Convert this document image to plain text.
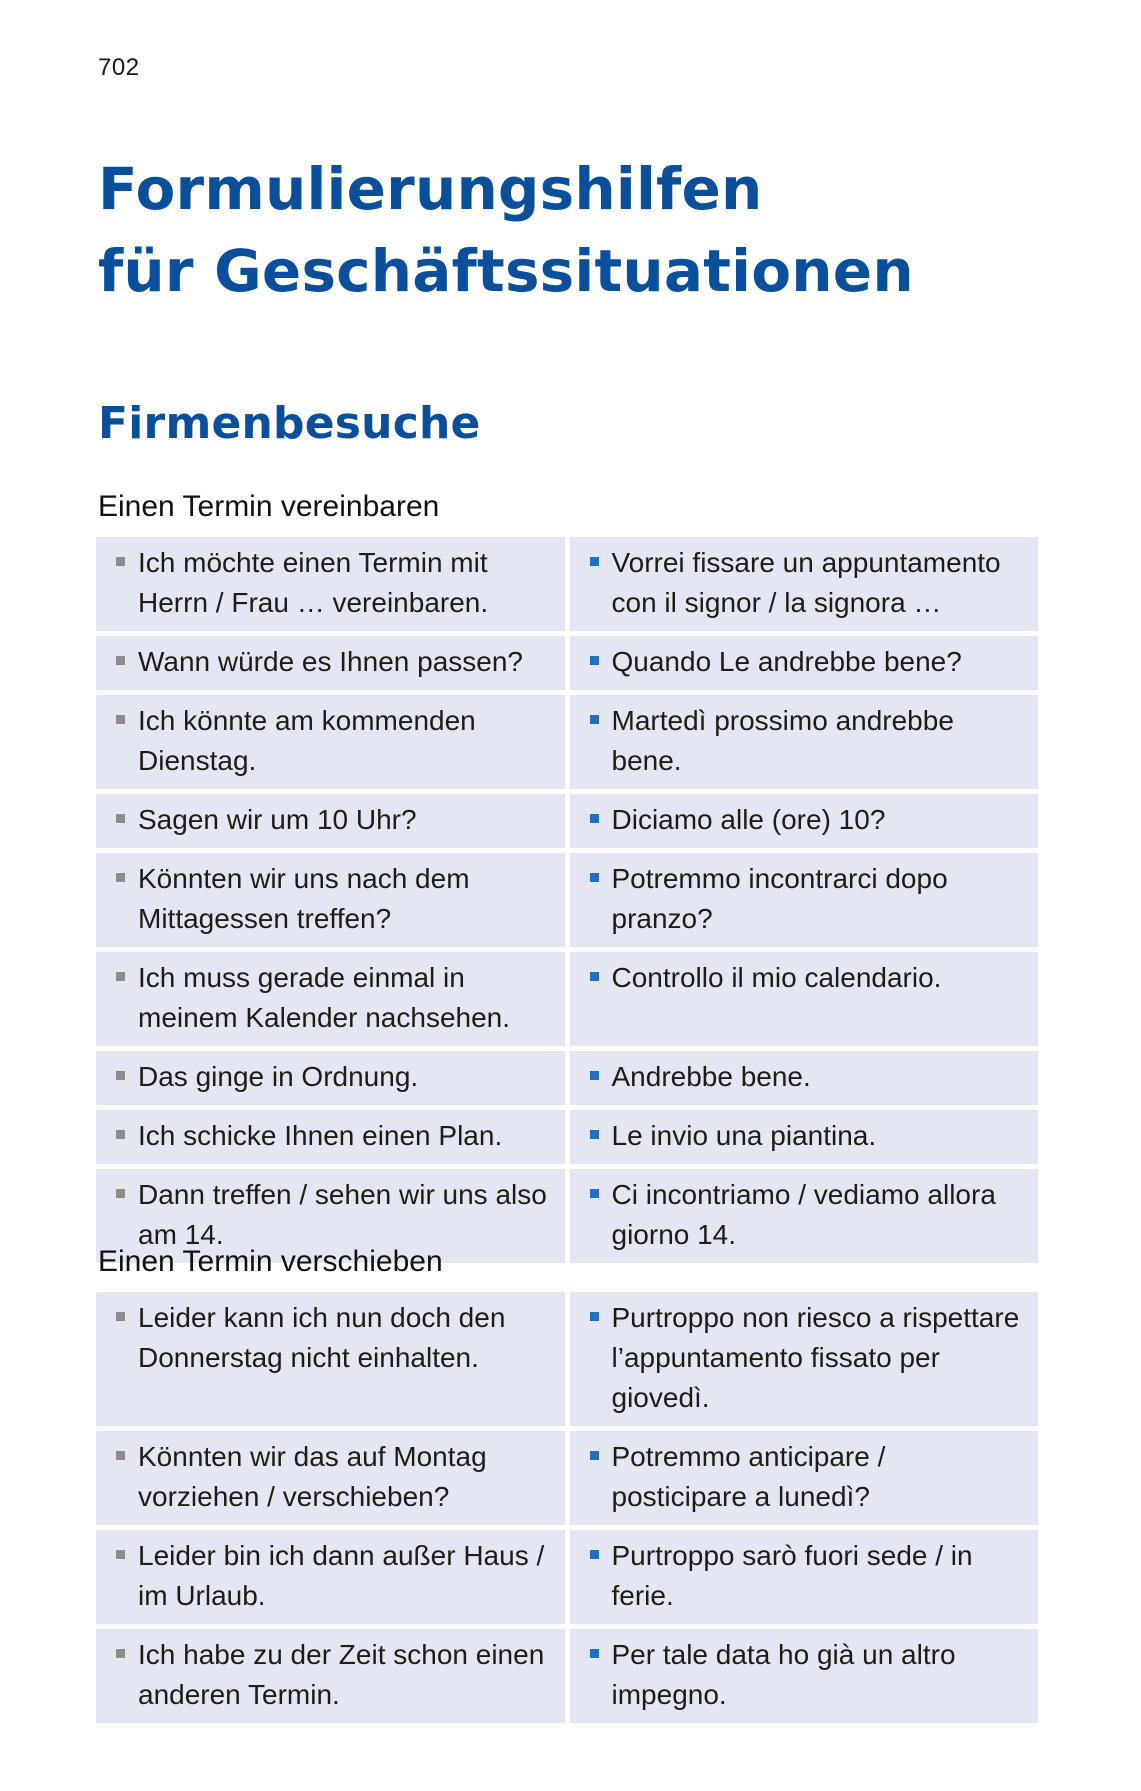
702
Formulierungshilfen
für Geschäftssituationen
Firmenbesuche
Einen Termin vereinbaren
Ich möchte einen Termin mit Herrn / Frau … vereinbaren.	Vorrei fissare un appuntamento con il signor / la signora …

Wann würde es Ihnen passen?	Quando Le andrebbe bene?

Ich könnte am kommenden Dienstag.	Martedì prossimo andrebbe bene.

Sagen wir um 10 Uhr?	Diciamo alle (ore) 10?

Könnten wir uns nach dem Mittagessen treffen?	Potremmo incontrarci dopo pranzo?

Ich muss gerade einmal in meinem Kalender nachsehen.	Controllo il mio calendario.

Das ginge in Ordnung.	Andrebbe bene.

Ich schicke Ihnen einen Plan.	Le invio una piantina.

Dann treffen / sehen wir uns also am 14.	Ci incontriamo / vediamo allora giorno 14.
Einen Termin verschieben
Leider kann ich nun doch den Donnerstag nicht einhalten.	Purtroppo non riesco a rispettare l’appuntamento fissato per giovedì.

Könnten wir das auf Montag vorziehen / verschieben?	Potremmo anticipare / posticipare a lunedì?

Leider bin ich dann außer Haus / im Urlaub.	Purtroppo sarò fuori sede / in ferie.

Ich habe zu der Zeit schon einen anderen Termin.	Per tale data ho già un altro impegno.
